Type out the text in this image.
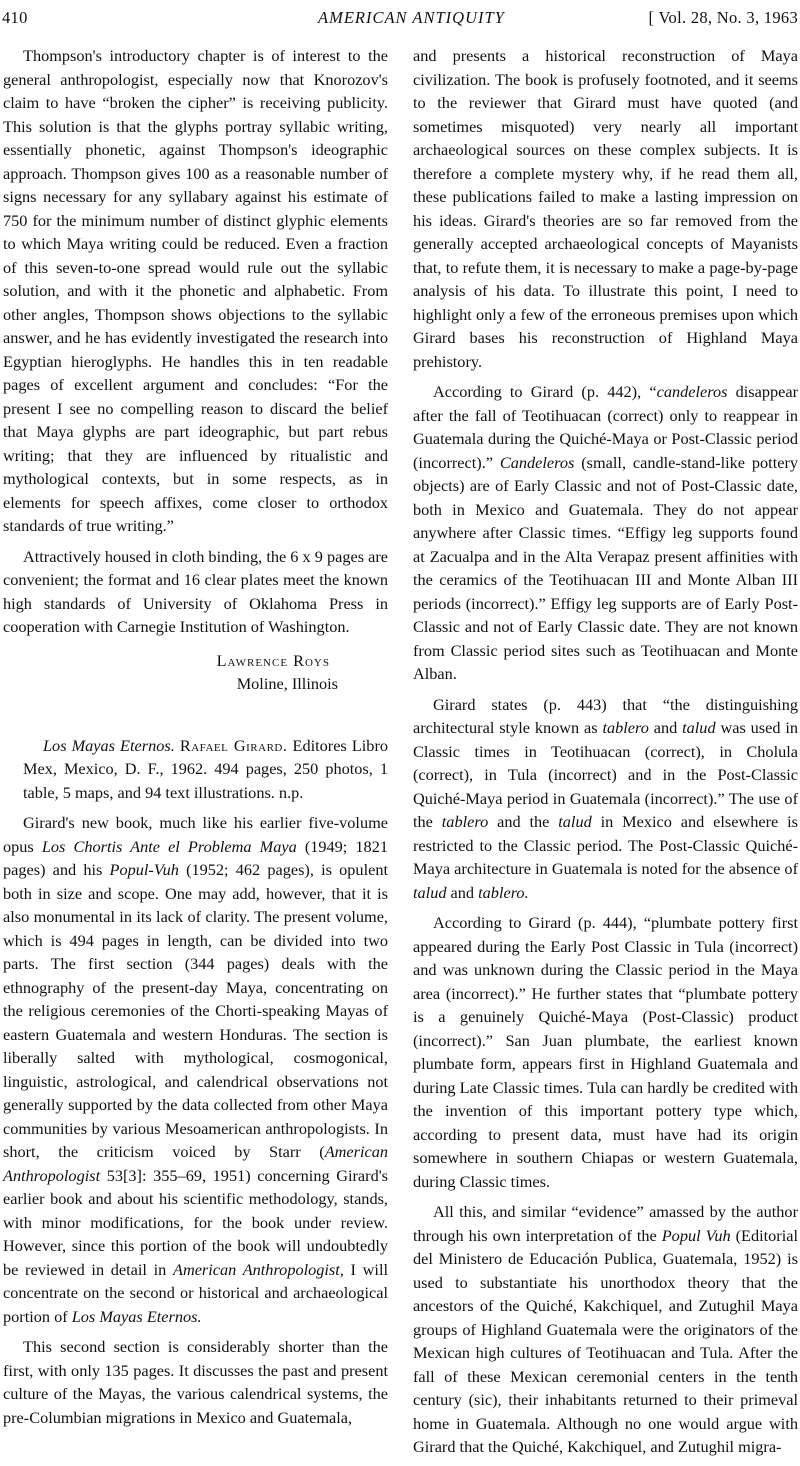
410	AMERICAN ANTIQUITY	[ Vol. 28, No. 3, 1963

Thompson's introductory chapter is of interest to the general anthropologist, especially now that Knorozov's claim to have “broken the cipher” is receiving publicity. This solution is that the glyphs portray syllabic writing, essentially phonetic, against Thompson's ideographic approach. Thompson gives 100 as a reasonable number of signs necessary for any syllabary against his estimate of 750 for the minimum number of distinct glyphic elements to which Maya writing could be reduced. Even a fraction of this seven-to-one spread would rule out the syllabic solution, and with it the phonetic and alphabetic. From other angles, Thompson shows objections to the syllabic answer, and he has evidently investigated the research into Egyptian hieroglyphs. He handles this in ten readable pages of excellent argument and concludes: “For the present I see no compelling reason to discard the belief that Maya glyphs are part ideographic, but part rebus writing; that they are influenced by ritualistic and mythological contexts, but in some respects, as in elements for speech affixes, come closer to orthodox standards of true writing.”

Attractively housed in cloth binding, the 6 x 9 pages are convenient; the format and 16 clear plates meet the known high standards of University of Oklahoma Press in cooperation with Carnegie Institution of Washington.

Lawrence Roys
Moline, Illinois

Los Mayas Eternos. Rafael Girard. Editores Libro Mex, Mexico, D. F., 1962. 494 pages, 250 photos, 1 table, 5 maps, and 94 text illustrations. n.p.

Girard's new book, much like his earlier five-volume opus Los Chortis Ante el Problema Maya (1949; 1821 pages) and his Popul-Vuh (1952; 462 pages), is opulent both in size and scope. One may add, however, that it is also monumental in its lack of clarity. The present volume, which is 494 pages in length, can be divided into two parts. The first section (344 pages) deals with the ethnography of the present-day Maya, concentrating on the religious ceremonies of the Chorti-speaking Mayas of eastern Guatemala and western Honduras. The section is liberally salted with mythological, cosmogonical, linguistic, astrological, and calendrical observations not generally supported by the data collected from other Maya communities by various Mesoamerican anthropologists. In short, the criticism voiced by Starr (American Anthropologist 53[3]: 355–69, 1951) concerning Girard's earlier book and about his scientific methodology, stands, with minor modifications, for the book under review. However, since this portion of the book will undoubtedly be reviewed in detail in American Anthropologist, I will concentrate on the second or historical and archaeological portion of Los Mayas Eternos.

This second section is considerably shorter than the first, with only 135 pages. It discusses the past and present culture of the Mayas, the various calendrical systems, the pre-Columbian migrations in Mexico and Guatemala,

and presents a historical reconstruction of Maya civilization. The book is profusely footnoted, and it seems to the reviewer that Girard must have quoted (and sometimes misquoted) very nearly all important archaeological sources on these complex subjects. It is therefore a complete mystery why, if he read them all, these publications failed to make a lasting impression on his ideas. Girard's theories are so far removed from the generally accepted archaeological concepts of Mayanists that, to refute them, it is necessary to make a page-by-page analysis of his data. To illustrate this point, I need to highlight only a few of the erroneous premises upon which Girard bases his reconstruction of Highland Maya prehistory.

According to Girard (p. 442), “candeleros disappear after the fall of Teotihuacan (correct) only to reappear in Guatemala during the Quiché-Maya or Post-Classic period (incorrect).” Candeleros (small, candle-stand-like pottery objects) are of Early Classic and not of Post-Classic date, both in Mexico and Guatemala. They do not appear anywhere after Classic times. “Effigy leg supports found at Zacualpa and in the Alta Verapaz present affinities with the ceramics of the Teotihuacan III and Monte Alban III periods (incorrect).” Effigy leg supports are of Early Post-Classic and not of Early Classic date. They are not known from Classic period sites such as Teotihuacan and Monte Alban.

Girard states (p. 443) that “the distinguishing architectural style known as tablero and talud was used in Classic times in Teotihuacan (correct), in Cholula (correct), in Tula (incorrect) and in the Post-Classic Quiché-Maya period in Guatemala (incorrect).” The use of the tablero and the talud in Mexico and elsewhere is restricted to the Classic period. The Post-Classic Quiché-Maya architecture in Guatemala is noted for the absence of talud and tablero.

According to Girard (p. 444), “plumbate pottery first appeared during the Early Post Classic in Tula (incorrect) and was unknown during the Classic period in the Maya area (incorrect).” He further states that “plumbate pottery is a genuinely Quiché-Maya (Post-Classic) product (incorrect).” San Juan plumbate, the earliest known plumbate form, appears first in Highland Guatemala and during Late Classic times. Tula can hardly be credited with the invention of this important pottery type which, according to present data, must have had its origin somewhere in southern Chiapas or western Guatemala, during Classic times.

All this, and similar “evidence” amassed by the author through his own interpretation of the Popul Vuh (Editorial del Ministero de Educación Publica, Guatemala, 1952) is used to substantiate his unorthodox theory that the ancestors of the Quiché, Kakchiquel, and Zutughil Maya groups of Highland Guatemala were the originators of the Mexican high cultures of Teotihuacan and Tula. After the fall of these Mexican ceremonial centers in the tenth century (sic), their inhabitants returned to their primeval home in Guatemala. Although no one would argue with Girard that the Quiché, Kakchiquel, and Zutughil migra-
